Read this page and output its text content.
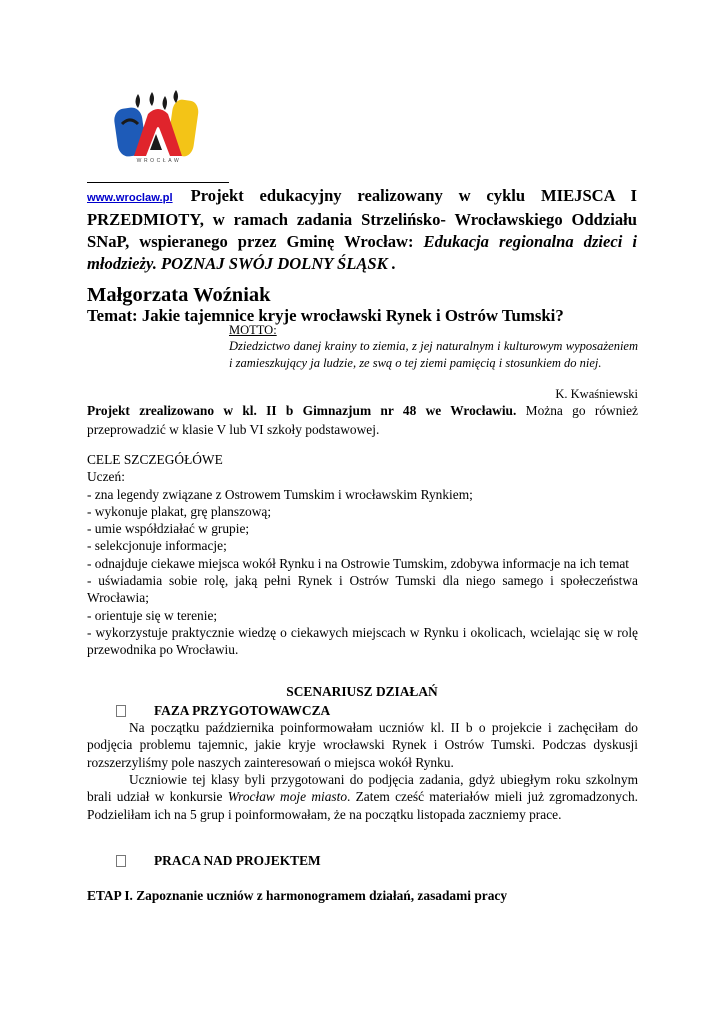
WROCŁAW

www.wroclaw.pl Projekt edukacyjny realizowany w cyklu MIEJSCA I PRZEDMIOTY, w ramach zadania Strzelińsko- Wrocławskiego Oddziału SNaP, wspieranego przez Gminę Wrocław: Edukacja regionalna dzieci i młodzieży. POZNAJ SWÓJ DOLNY ŚLĄSK .

Małgorzata Woźniak
Temat: Jakie tajemnice kryje wrocławski Rynek i Ostrów Tumski?

MOTTO:

Dziedzictwo danej krainy to ziemia, z jej naturalnym i kulturowym wyposażeniem i zamieszkujący ja ludzie, ze swą o tej ziemi pamięcią i stosunkiem do niej.

K. Kwaśniewski

Projekt zrealizowano w kl. II b Gimnazjum nr 48 we Wrocławiu. Można go również przeprowadzić w klasie V lub VI szkoły podstawowej.

CELE SZCZEGÓŁÓWE

Uczeń:

- zna legendy związane z Ostrowem Tumskim i wrocławskim Rynkiem;

- wykonuje plakat, grę planszową;

- umie współdziałać w grupie;

- selekcjonuje informacje;

- odnajduje ciekawe miejsca wokół Rynku i na Ostrowie Tumskim, zdobywa informacje na ich temat

- uświadamia sobie rolę, jaką pełni Rynek i Ostrów Tumski dla niego samego i społeczeństwa Wrocławia;

- orientuje się w terenie;

- wykorzystuje praktycznie wiedzę o ciekawych miejscach w Rynku i okolicach, wcielając się w rolę przewodnika po Wrocławiu.

SCENARIUSZ DZIAŁAŃ

FAZA PRZYGOTOWAWCZA

Na początku października poinformowałam uczniów kl. II b o projekcie i zachęciłam do podjęcia problemu tajemnic, jakie kryje wrocławski Rynek i Ostrów Tumski. Podczas dyskusji rozszerzyliśmy pole naszych zainteresowań o miejsca wokół Rynku.

Uczniowie tej klasy byli przygotowani do podjęcia zadania, gdyż ubiegłym roku szkolnym brali udział w konkursie Wrocław moje miasto. Zatem cześć materiałów mieli już zgromadzonych. Podzieliłam ich na 5 grup i poinformowałam, że na początku listopada zaczniemy prace.

PRACA NAD PROJEKTEM

ETAP I. Zapoznanie uczniów z harmonogramem działań, zasadami pracy
